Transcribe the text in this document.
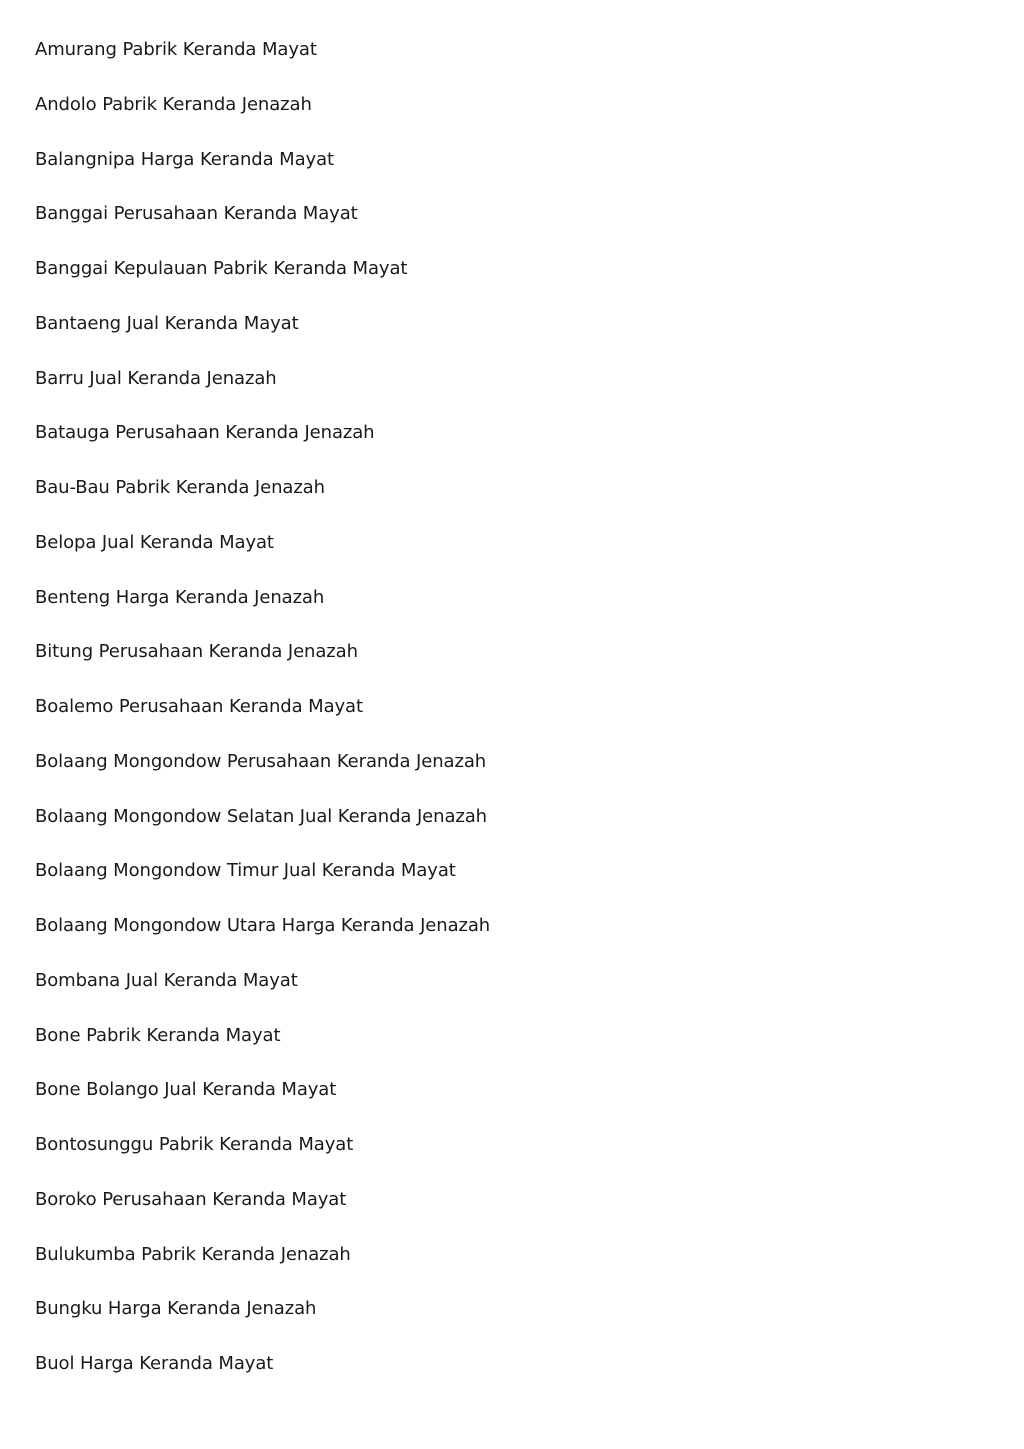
Amurang Pabrik Keranda Mayat
Andolo Pabrik Keranda Jenazah
Balangnipa Harga Keranda Mayat
Banggai Perusahaan Keranda Mayat
Banggai Kepulauan Pabrik Keranda Mayat
Bantaeng Jual Keranda Mayat
Barru Jual Keranda Jenazah
Batauga Perusahaan Keranda Jenazah
Bau-Bau Pabrik Keranda Jenazah
Belopa Jual Keranda Mayat
Benteng Harga Keranda Jenazah
Bitung Perusahaan Keranda Jenazah
Boalemo Perusahaan Keranda Mayat
Bolaang Mongondow Perusahaan Keranda Jenazah
Bolaang Mongondow Selatan Jual Keranda Jenazah
Bolaang Mongondow Timur Jual Keranda Mayat
Bolaang Mongondow Utara Harga Keranda Jenazah
Bombana Jual Keranda Mayat
Bone Pabrik Keranda Mayat
Bone Bolango Jual Keranda Mayat
Bontosunggu Pabrik Keranda Mayat
Boroko Perusahaan Keranda Mayat
Bulukumba Pabrik Keranda Jenazah
Bungku Harga Keranda Jenazah
Buol Harga Keranda Mayat
